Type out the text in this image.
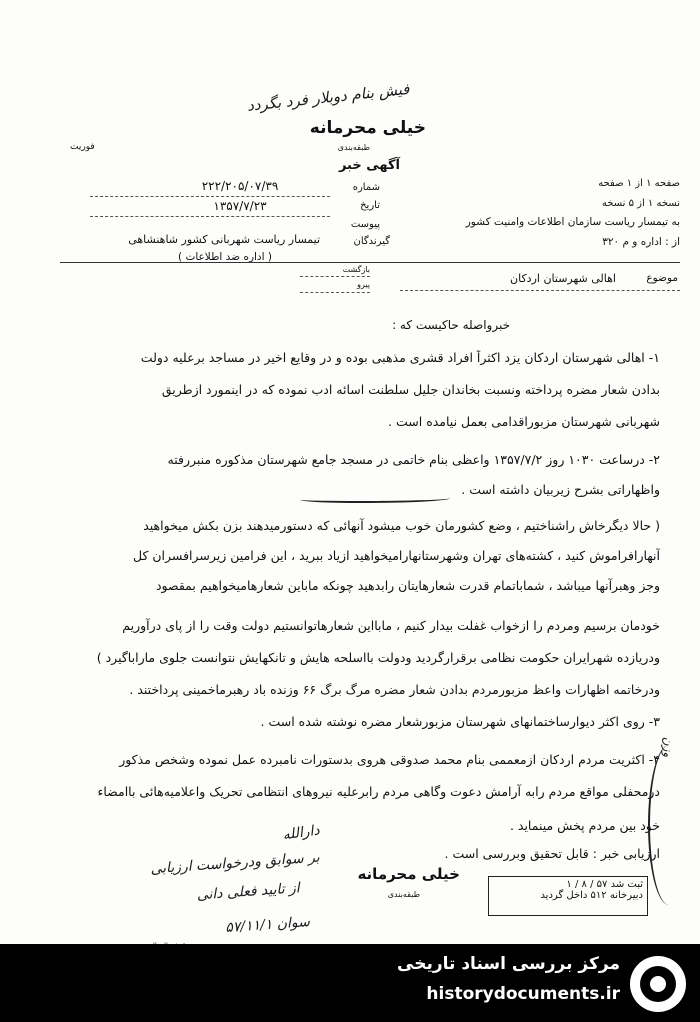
فیش بنام دوبلار فرد بگردد
خیلی محرمانه
طبقه‌بندی
فوریت
آگهی خبر
صفحه ۱ از ۱ صفحه
نسخه ۱ از ۵ نسخه
به تیمسار ریاست سازمان اطلاعات وامنیت کشور
از : اداره و م ۳۲۰
شماره
۲۲۲/۲۰۵/۰۷/۳۹
تاریخ
۱۳۵۷/۷/۲۳
پیوست
گیرندگان
تیمسار ریاست شهربانی کشور شاهنشاهی
( اداره ضد اطلاعات )
موضوع
اهالی شهرستان اردکان
بازگشت
پیرو
خبرواصله حاکیست که :
۱- اهالی شهرستان اردکان یزد اکثراً افراد قشری مذهبی بوده و در وقایع اخیر در مساجد برعلیه دولت
بدادن شعار مضره پرداخته ونسبت بخاندان جلیل سلطنت اسائه ادب نموده که در اینمورد ازطریق
شهربانی شهرستان مزبوراقدامی بعمل نیامده است .
۲- درساعت ۱۰۳۰ روز ۱۳۵۷/۷/۲ واعظی بنام خاتمی در مسجد جامع شهرستان مذکوره منبررفته
واظهاراتی بشرح زیربیان داشته است .
( حالا دیگرخاش راشناختیم ، وضع کشورمان خوب میشود آنهائی که دستورمیدهند بزن بکش میخواهید
آنهارافراموش کنید ، کشته‌های تهران وشهرستانهارامیخواهید ازیاد ببرید ، این فرامین زیرسرافسران کل
وجز وهبرآنها میباشد ، شماباتمام قدرت شعارهایتان رابدهید چونکه ماباین شعارهامیخواهیم بمقصود
خودمان برسیم ومردم را ازخواب غفلت بیدار کنیم ، مابااین شعارهاتوانستیم دولت وقت را از پای درآوریم
ودریازده شهرایران حکومت نظامی برقرارگردید ودولت بااسلحه هایش و تانکهایش نتوانست جلوی ماراباگیرد )
ودرخاتمه اظهارات واعظ مزبورمردم بدادن شعار مضره مرگ برگ ۶۶ وزنده باد رهبرماخمینی پرداختند .
۳- روی اکثر دیوارساختمانهای شهرستان مزبورشعار مضره نوشته شده است .
۴- اکثریت مردم اردکان ازمعممی بنام محمد صدوقی هروی بدستورات نامبرده عمل نموده وشخص مذکور
درمحفلی مواقع مردم رابه آرامش دعوت وگاهی مردم رابرعلیه نیروهای انتظامی تحریک واعلامیه‌هائی باامضاء
خود بین مردم پخش مینماید .
ارزیابی خبر : قابل تحقیق وبررسی است .
وزن
خیلی محرمانه
طبقه‌بندی
دارالله
بر سوابق ودرخواست ارزیابی
از تایید فعلی دانی
سوان ۵۷/۱۱/۱
ثبت شد ۵۷ / ۸ / ۱
دبیرخانه ۵۱۲ داخل گردید
مرکز بررسی اسناد تاریخی
historydocuments.ir
